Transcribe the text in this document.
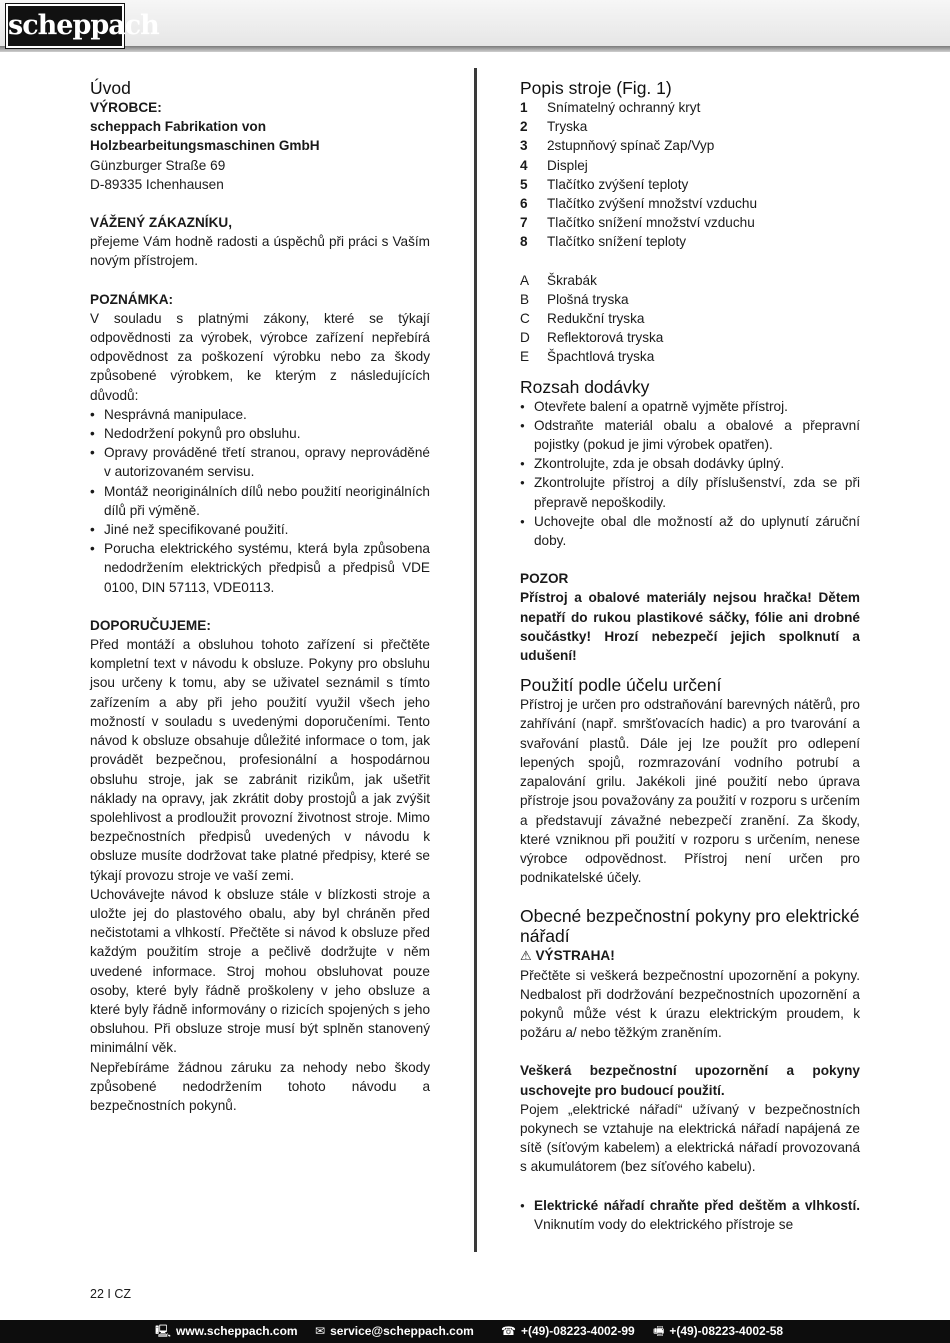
scheppach
Úvod

VÝROBCE:

scheppach Fabrikation von

Holzbearbeitungsmaschinen GmbH

Günzburger Straße 69

D-89335 Ichenhausen

VÁŽENÝ ZÁKAZNÍKU,

přejeme Vám hodně radosti a úspěchů při práci s Vaším novým přístrojem.

POZNÁMKA:

V souladu s platnými zákony, které se týkají odpovědnosti za výrobek, výrobce zařízení nepřebírá odpovědnost za poškození výrobku nebo za škody způsobené výrobkem, ke kterým z následujících důvodů:

• Nesprávná manipulace.
• Nedodržení pokynů pro obsluhu.
• Opravy prováděné třetí stranou, opravy neprováděné v autorizovaném servisu.
• Montáž neoriginálních dílů nebo použití neoriginálních dílů při výměně.
• Jiné než specifikované použití.
• Porucha elektrického systému, která byla způsobena nedodržením elektrických předpisů a předpisů VDE 0100, DIN 57113, VDE0113.

DOPORUČUJEME:

Před montáží a obsluhou tohoto zařízení si přečtěte kompletní text v návodu k obsluze. Pokyny pro obsluhu jsou určeny k tomu, aby se uživatel seznámil s tímto zařízením a aby při jeho použití využil všech jeho možností v souladu s uvedenými doporučeními. Tento návod k obsluze obsahuje důležité informace o tom, jak provádět bezpečnou, profesionální a hospodárnou obsluhu stroje, jak se zabránit rizikům, jak ušetřit náklady na opravy, jak zkrátit doby prostojů a jak zvýšit spolehlivost a prodloužit provozní životnost stroje. Mimo bezpečnostních předpisů uvedených v návodu k obsluze musíte dodržovat take platné předpisy, které se týkají provozu stroje ve vaší zemi.

Uchovávejte návod k obsluze stále v blízkosti stroje a uložte jej do plastového obalu, aby byl chráněn před nečistotami a vlhkostí. Přečtěte si návod k obsluze před každým použitím stroje a pečlivě dodržujte v něm uvedené informace. Stroj mohou obsluhovat pouze osoby, které byly řádně proškoleny v jeho obsluze a které byly řádně informovány o rizicích spojených s jeho obsluhou. Při obsluze stroje musí být splněn stanovený minimální věk.

Nepřebíráme žádnou záruku za nehody nebo škody způsobené nedodržením tohoto návodu a bezpečnostních pokynů.

Popis stroje (Fig. 1)
1	Snímatelný ochranný kryt
2	Tryska
3	2stupnňový spínač Zap/Vyp
4	Displej
5	Tlačítko zvýšení teploty
6	Tlačítko zvýšení množství vzduchu
7	Tlačítko snížení množství vzduchu
8	Tlačítko snížení teploty
A	Škrabák
B	Plošná tryska
C	Redukční tryska
D	Reflektorová tryska
E	Špachtlová tryska
Rozsah dodávky
● Otevřete balení a opatrně vyjměte přístroj.
● Odstraňte materiál obalu a obalové a přepravní pojistky (pokud je jimi výrobek opatřen).
● Zkontrolujte, zda je obsah dodávky úplný.
● Zkontrolujte přístroj a díly příslušenství, zda se při přepravě nepoškodily.
● Uchovejte obal dle možností až do uplynutí záruční doby.

POZOR

Přístroj a obalové materiály nejsou hračka! Dětem nepatří do rukou plastikové sáčky, fólie ani drobné součástky! Hrozí nebezpečí jejich spolknutí a udušení!

Použití podle účelu určení

Přístroj je určen pro odstraňování barevných nátěrů, pro zahřívání (např. smršťovacích hadic) a pro tvarování a svařování plastů. Dále jej lze použít pro odlepení lepených spojů, rozmrazování vodního potrubí a zapalování grilu. Jakékoli jiné použití nebo úprava přístroje jsou považovány za použití v rozporu s určením a představují závažné nebezpečí zranění. Za škody, které vzniknou při použití v rozporu s určením, nenese výrobce odpovědnost. Přístroj není určen pro podnikatelské účely.

Obecné bezpečnostní pokyny pro elektrické nářadí

⚠ VÝSTRAHA!

Přečtěte si veškerá bezpečnostní upozornění a pokyny. Nedbalost při dodržování bezpečnostních upozornění a pokynů může vést k úrazu elektrickým proudem, k požáru a/ nebo těžkým zraněním.

Veškerá bezpečnostní upozornění a pokyny uschovejte pro budoucí použití.

Pojem „elektrické nářadí“ užívaný v bezpečnostních pokynech se vztahuje na elektrická nářadí napájená ze sítě (síťovým kabelem) a elektrická nářadí provozovaná s akumulátorem (bez síťového kabelu).

● Elektrické nářadí chraňte před deštěm a vlhkostí. Vniknutím vody do elektrického přístroje se
22 I CZ
🖳 www.scheppach.com ✉ service@scheppach.com ☎ +(49)-08223-4002-99 🖷 +(49)-08223-4002-58
